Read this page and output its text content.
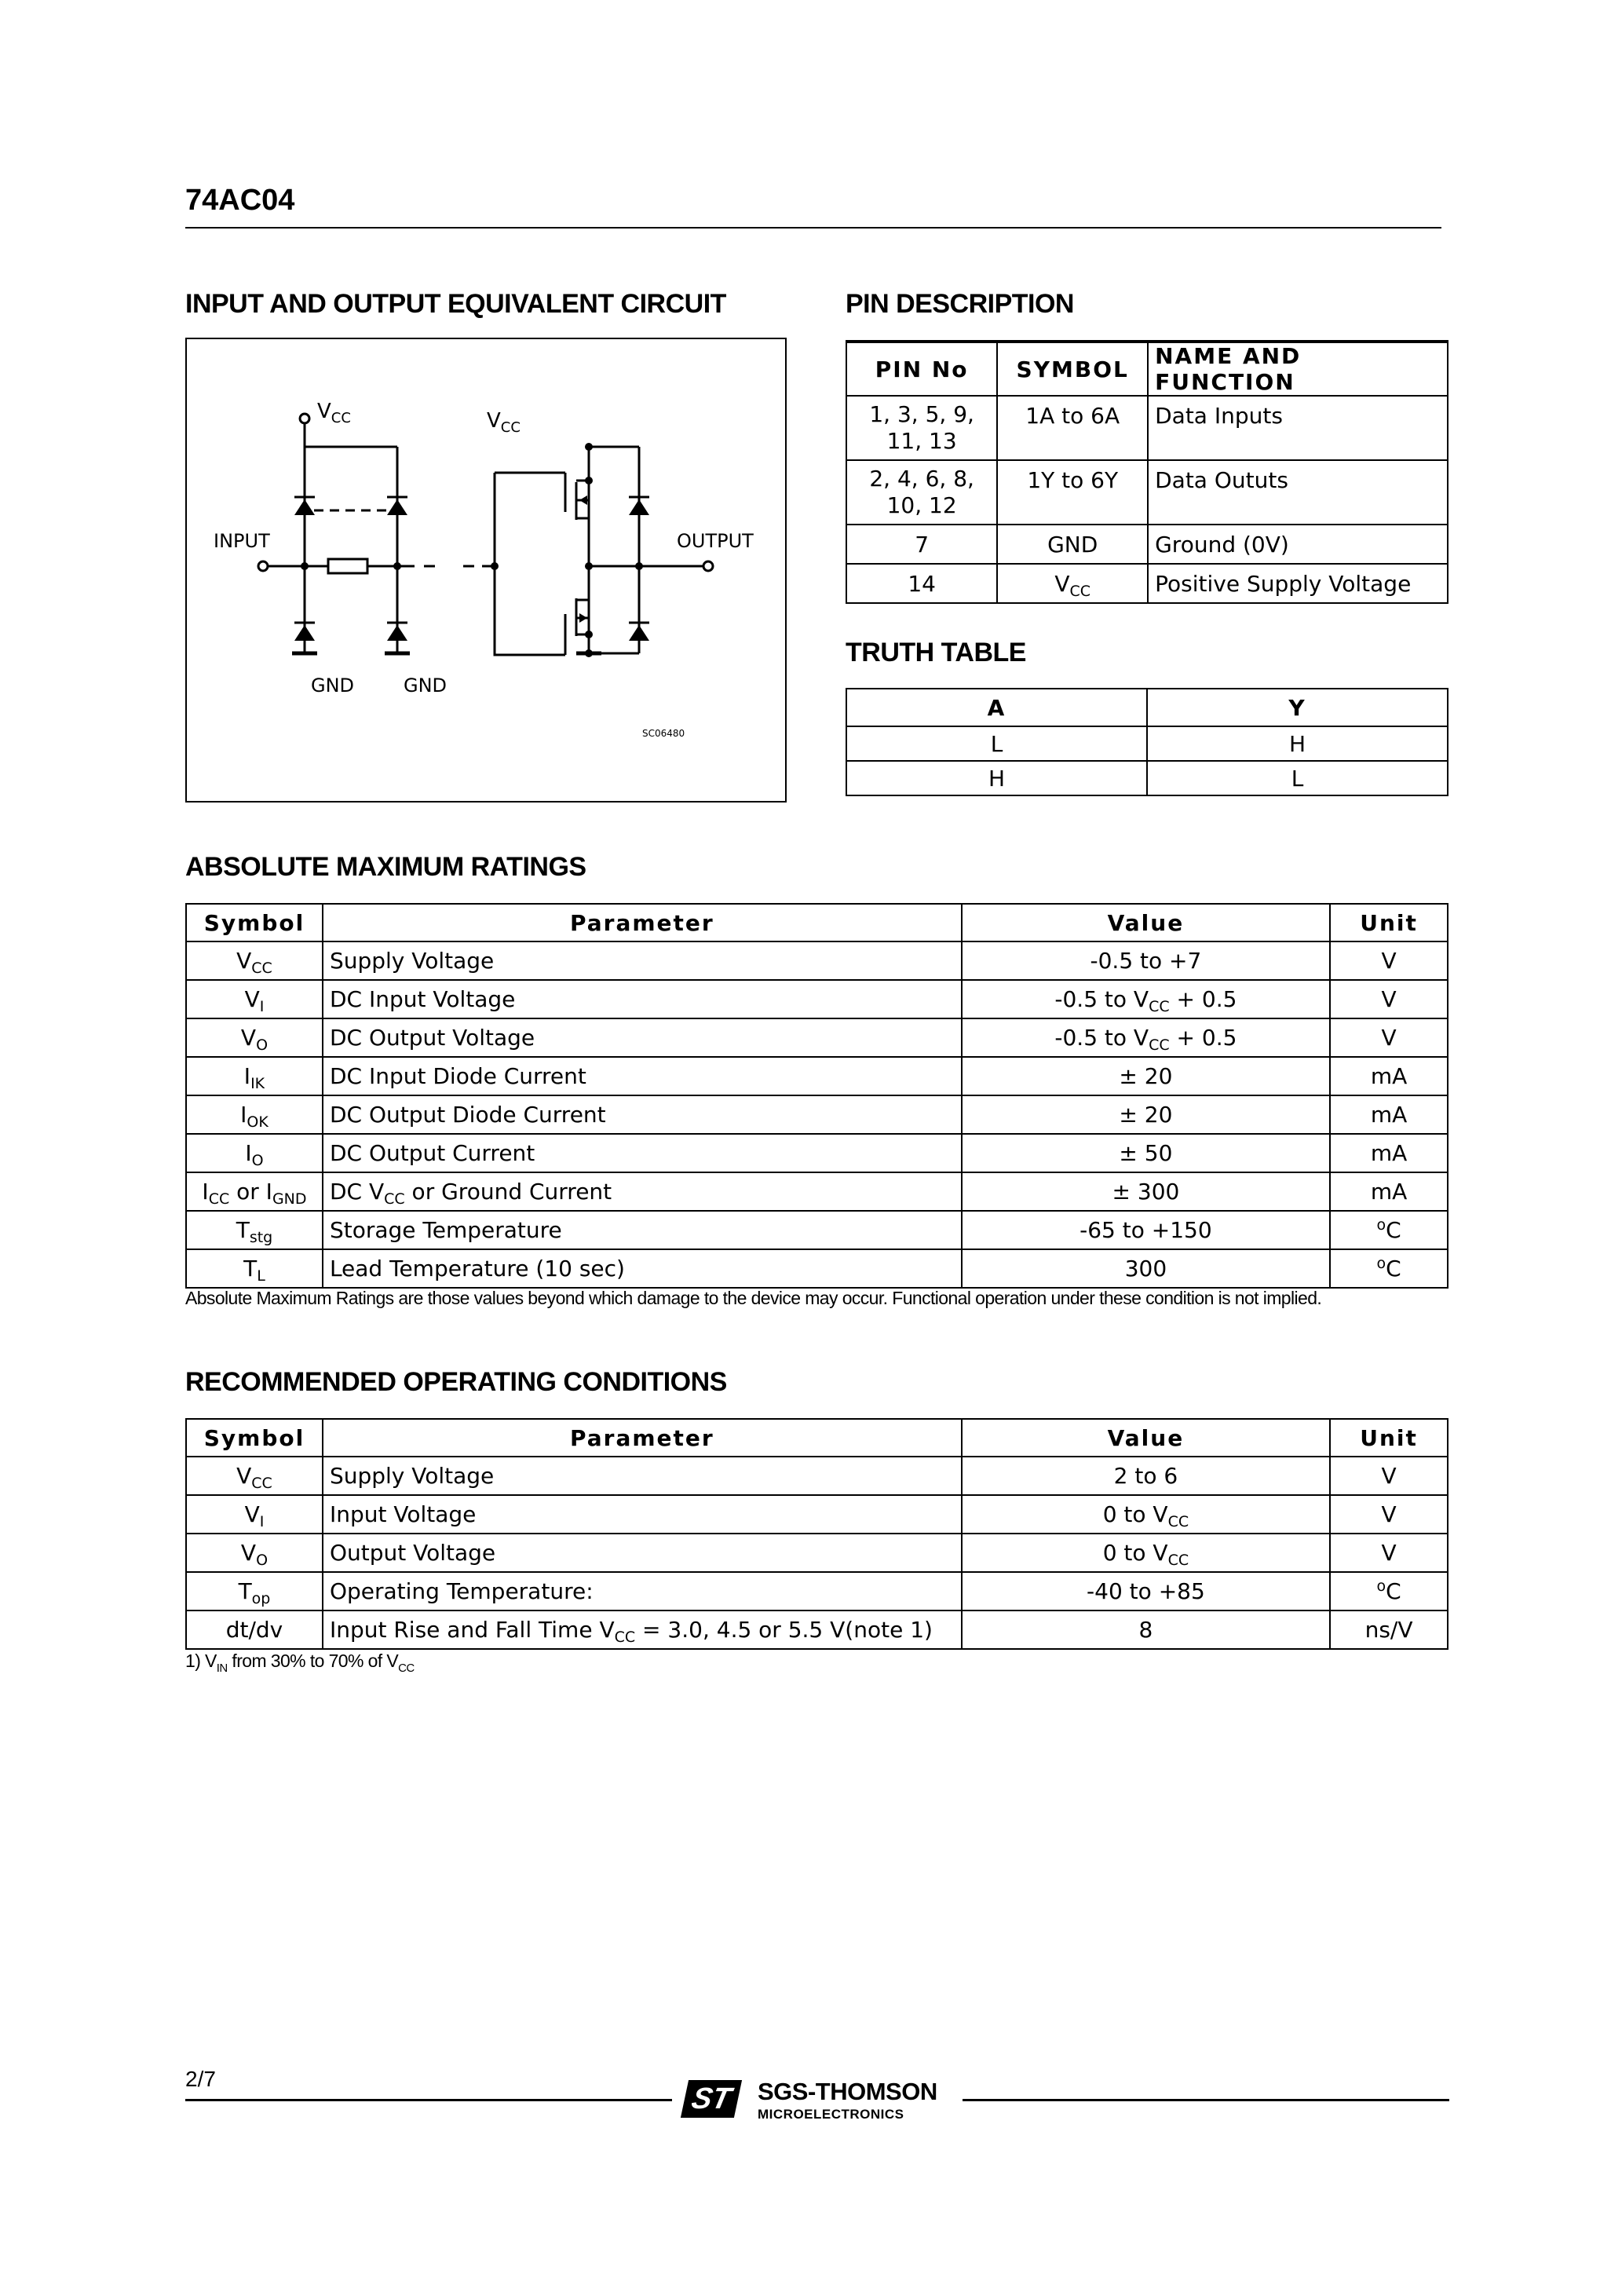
74AC04
INPUT AND OUTPUT EQUIVALENT CIRCUIT
$V_{CC}$	$V_{CC}$
INPUT	OUTPUT
GND	GND
SC06480
PIN DESCRIPTION
PIN No	SYMBOL	NAME AND FUNCTION
1, 3, 5, 9,
11, 13	1A to 6A	Data Inputs
2, 4, 6, 8,
10, 12	1Y to 6Y	Data Oututs
7	GND	Ground (0V)
14	$V_{CC}$	Positive Supply Voltage
TRUTH TABLE
A	Y
L	H
H	L
ABSOLUTE MAXIMUM RATINGS
Symbol	Parameter	Value	Unit
$V_{CC}$	Supply Voltage	-0.5 to +7	V
$V_I$	DC Input Voltage	-0.5 to $V_{CC} + 0.5$	V
$V_O$	DC Output Voltage	-0.5 to $V_{CC} + 0.5$	V
$I_{IK}$	DC Input Diode Current	± 20	mA
$I_{OK}$	DC Output Diode Current	± 20	mA
$I_O$	DC Output Current	± 50	mA
$I_{CC}$ or $I_{GND}$	DC $V_{CC}$ or Ground Current	± 300	mA
$T_{stg}$	Storage Temperature	-65 to +150	$^o$C
$T_L$	Lead Temperature (10 sec)	300	$^o$C
Absolute Maximum Ratings are those values beyond which damage to the device may occur. Functional operation under these condition is not implied.
RECOMMENDED OPERATING CONDITIONS
Symbol	Parameter	Value	Unit
$V_{CC}$	Supply Voltage	2 to 6	V
$V_I$	Input Voltage	0 to $V_{CC}$	V
$V_O$	Output Voltage	0 to $V_{CC}$	V
$T_{op}$	Operating Temperature:	-40 to +85	$^o$C
dt/dv	Input Rise and Fall Time $V_{CC} = 3.0$, 4.5 or 5.5 V(note 1)	8	ns/V
1) $V_{IN}$ from 30% to 70% of $V_{CC}$
2/7
ST SGS-THOMSON
MICROELECTRONICS
